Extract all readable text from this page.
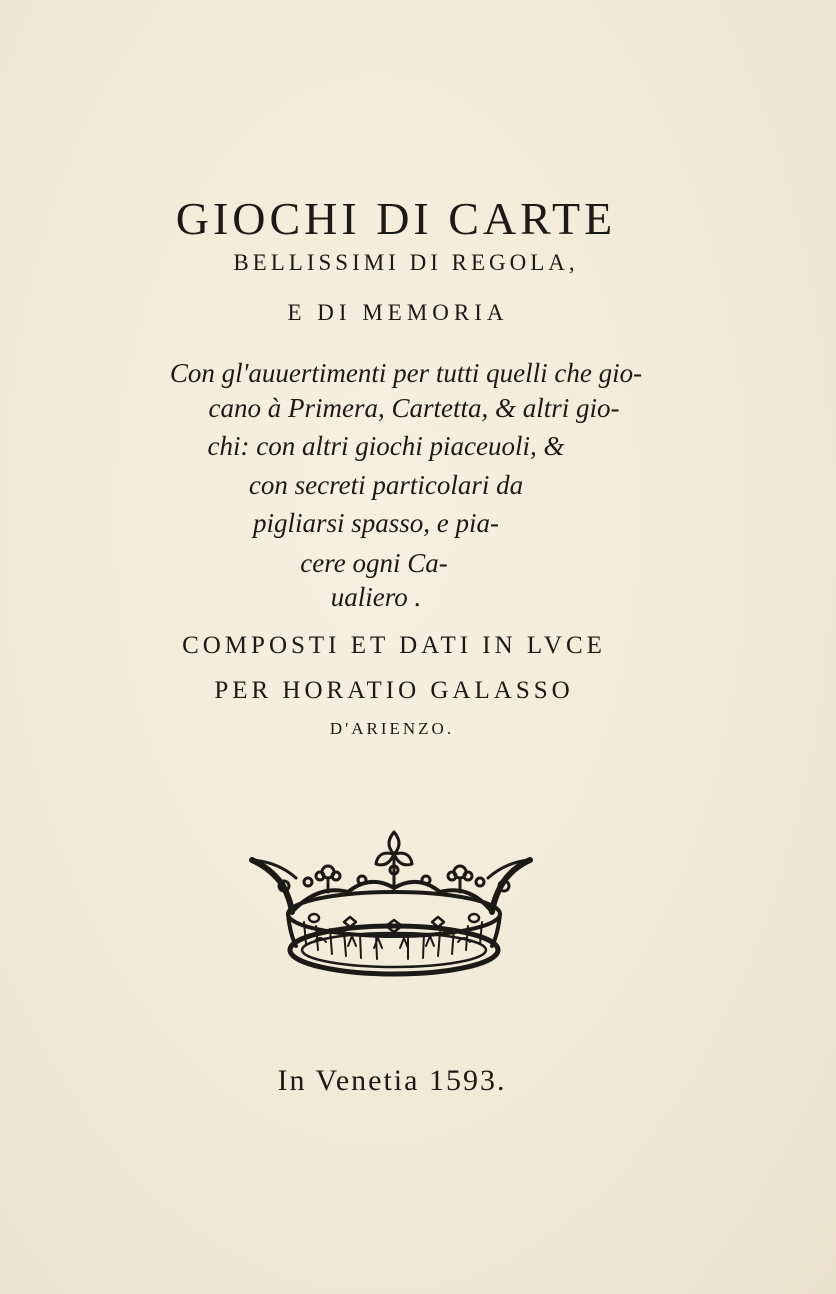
GIOCHI DI CARTE
BELLISSIMI DI REGOLA,
E DI MEMORIA
Con gl'auuertimenti per tutti quelli che gio-
cano à Primera, Cartetta, & altri gio-
chi: con altri giochi piaceuoli, &
con secreti particolari da
pigliarsi spasso, e pia-
cere ogni Ca-
ualiero .
COMPOSTI ET DATI IN LVCE
PER HORATIO GALASSO
D'ARIENZO.
In Venetia 1593.
